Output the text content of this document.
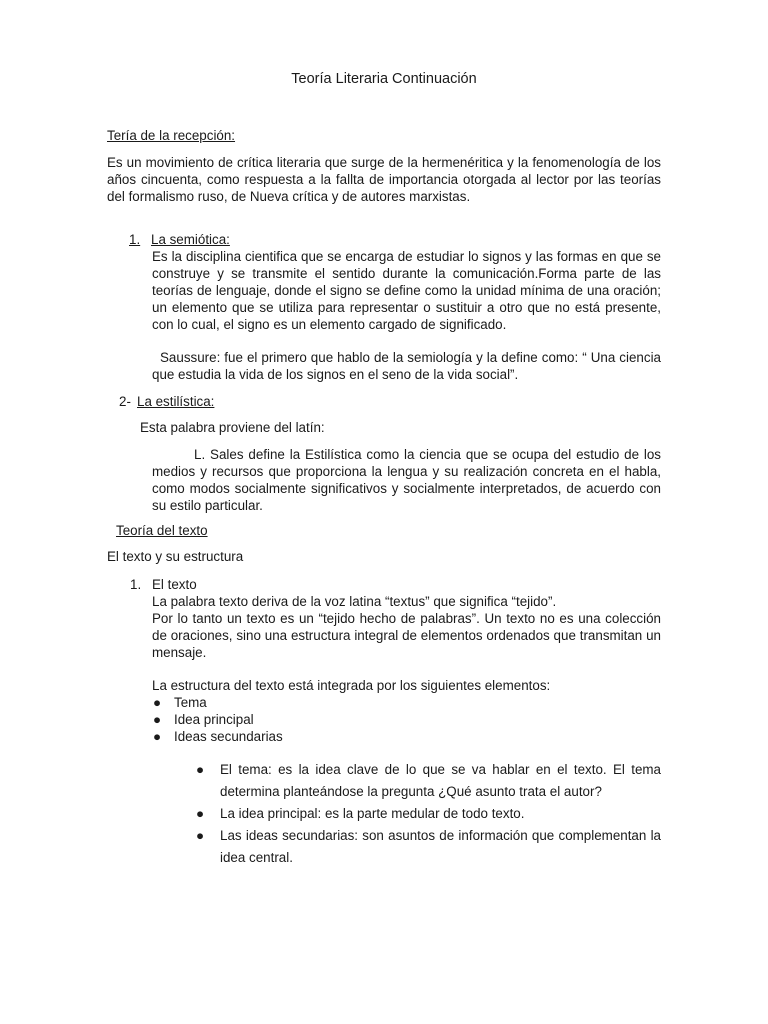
Teoría Literaria Continuación
Tería de la recepción:

Es un movimiento de crítica literaria que surge de la hermenéritica y la fenomenología de los años cincuenta, como respuesta a la fallta de importancia otorgada al lector por las teorías del formalismo ruso, de Nueva crítica y de autores marxistas.

1. La semiótica:

Es la disciplina cientifica que se encarga de estudiar lo signos y las formas en que se construye y se transmite el sentido durante la comunicación.Forma parte de las teorías de lenguaje, donde el signo se define como la unidad mínima de una oración; un elemento que se utiliza para representar o sustituir a otro que no está presente, con lo cual, el signo es un elemento cargado de significado.

Saussure: fue el primero que hablo de la semiología y la define como: “ Una ciencia que estudia la vida de los signos en el seno de la vida social”.

2- La estilística:
Esta palabra proviene del latín:

L. Sales define la Estilística como la ciencia que se ocupa del estudio de los medios y recursos que proporciona la lengua y su realización concreta en el habla, como modos socialmente significativos y socialmente interpretados, de acuerdo con su estilo particular.

Teoría del texto
El texto y su estructura
1. El texto
La palabra texto deriva de la voz latina “textus” que significa “tejido”.

Por lo tanto un texto es un “tejido hecho de palabras”. Un texto no es una colección de oraciones, sino una estructura integral de elementos ordenados que transmitan un mensaje.

La estructura del texto está integrada por los siguientes elementos:
● Tema
● Idea principal
● Ideas secundarias
● El tema: es la idea clave de lo que se va hablar en el texto. El tema determina planteándose la pregunta ¿Qué asunto trata el autor?
● La idea principal: es la parte medular de todo texto.
● Las ideas secundarias: son asuntos de información que complementan la idea central.
